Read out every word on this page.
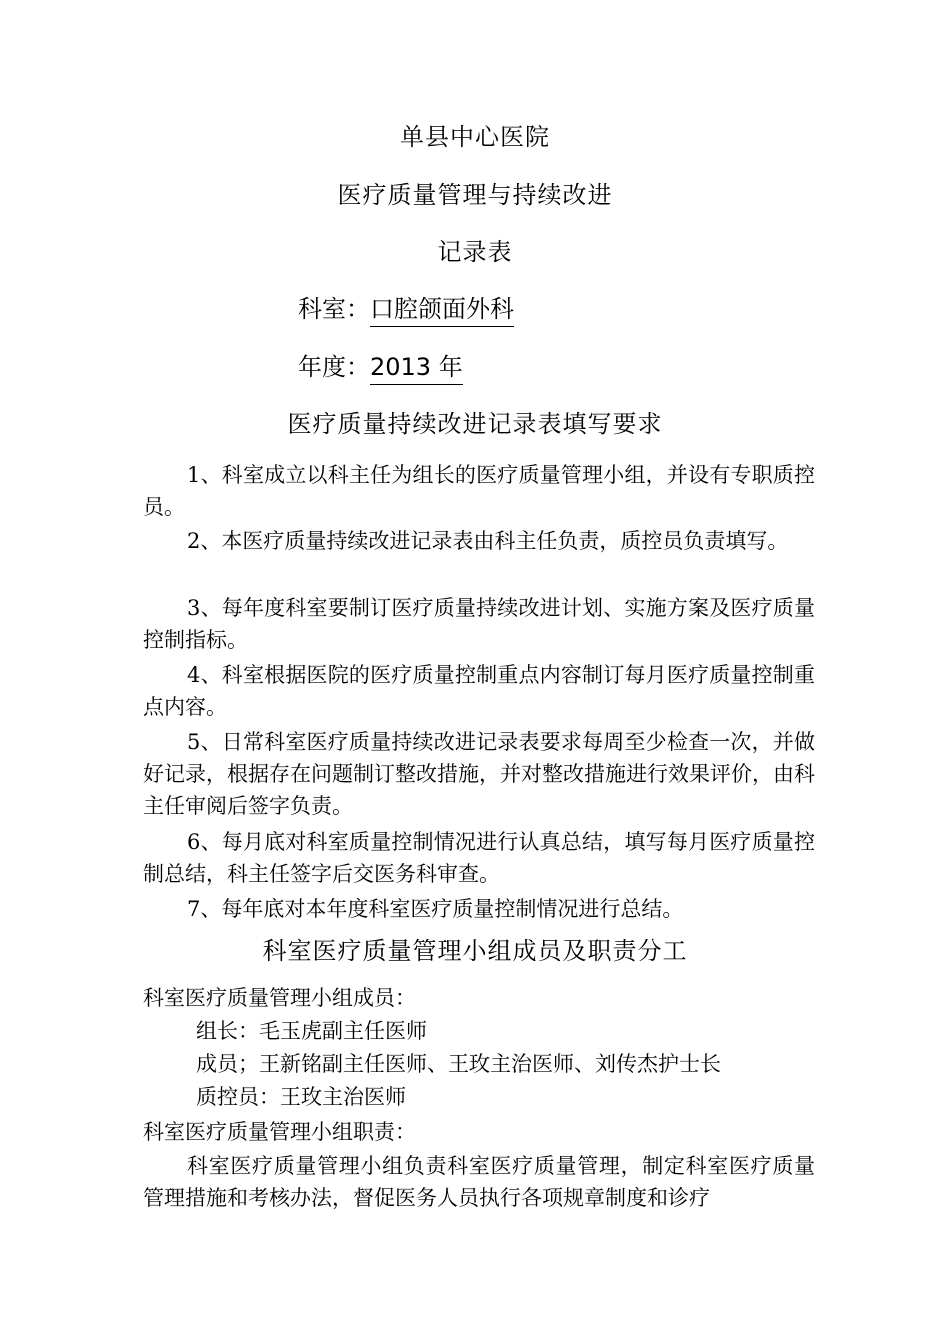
单县中心医院
医疗质量管理与持续改进
记录表
科室：口腔颌面外科
年度：2013 年
医疗质量持续改进记录表填写要求
1、科室成立以科主任为组长的医疗质量管理小组，并设有专职质控员。
2、本医疗质量持续改进记录表由科主任负责，质控员负责填写。
3、每年度科室要制订医疗质量持续改进计划、实施方案及医疗质量控制指标。
4、科室根据医院的医疗质量控制重点内容制订每月医疗质量控制重点内容。
5、日常科室医疗质量持续改进记录表要求每周至少检查一次，并做好记录，根据存在问题制订整改措施，并对整改措施进行效果评价，由科主任审阅后签字负责。
6、每月底对科室质量控制情况进行认真总结，填写每月医疗质量控制总结，科主任签字后交医务科审查。
7、每年底对本年度科室医疗质量控制情况进行总结。
科室医疗质量管理小组成员及职责分工
科室医疗质量管理小组成员：
组长：毛玉虎副主任医师
成员；王新铭副主任医师、王玫主治医师、刘传杰护士长
质控员：王玫主治医师
科室医疗质量管理小组职责：
科室医疗质量管理小组负责科室医疗质量管理，制定科室医疗质量管理措施和考核办法，督促医务人员执行各项规章制度和诊疗
